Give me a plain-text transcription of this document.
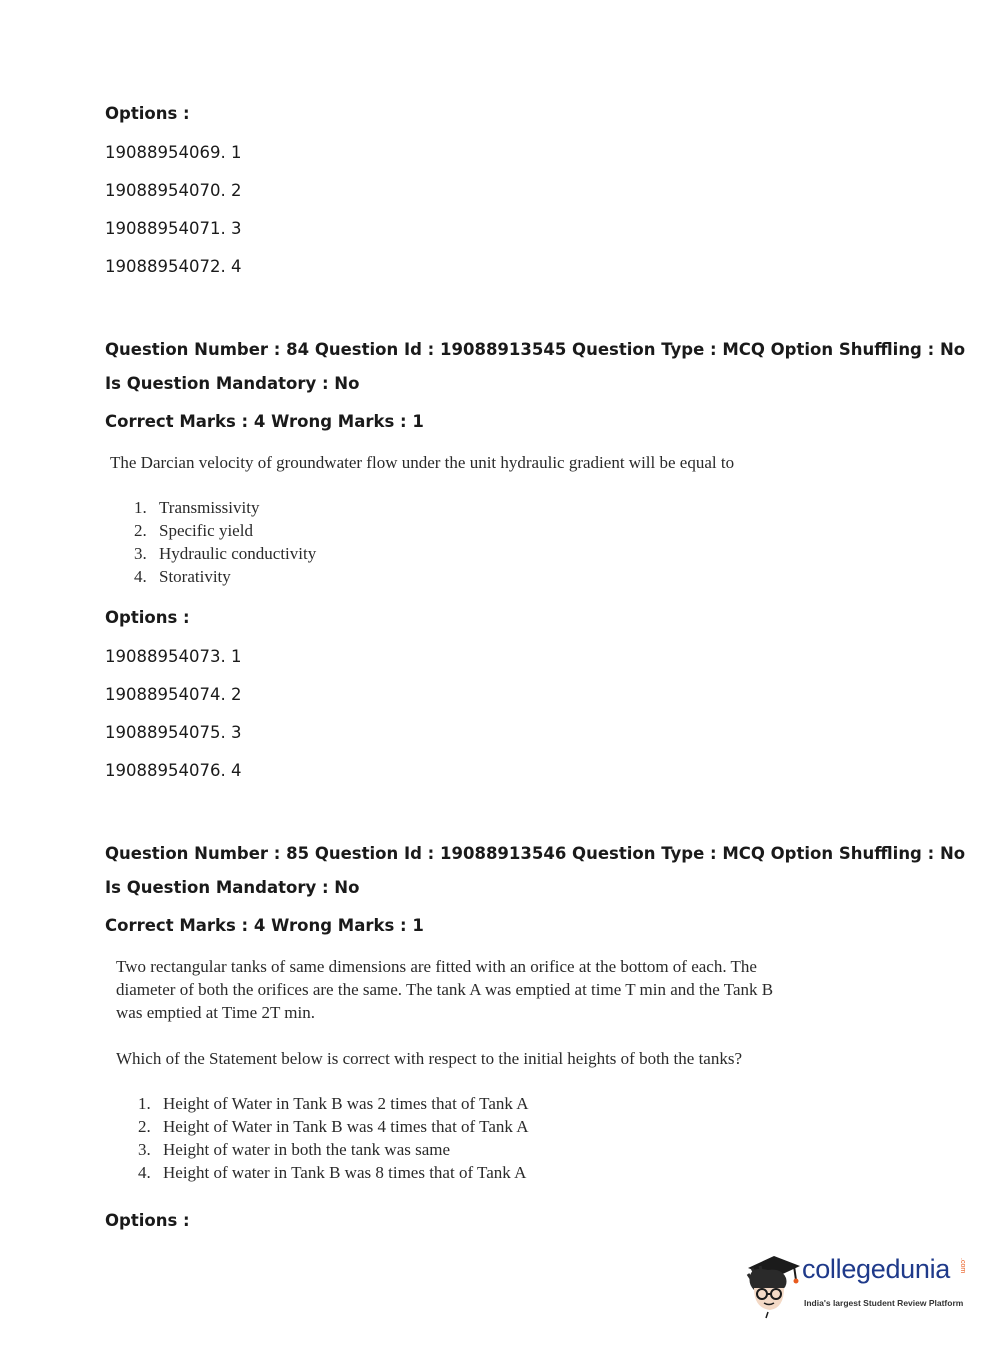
Options :
19088954069. 1
19088954070. 2
19088954071. 3
19088954072. 4
Question Number : 84 Question Id : 19088913545 Question Type : MCQ Option Shuffling : No
Is Question Mandatory : No
Correct Marks : 4 Wrong Marks : 1
The Darcian velocity of groundwater flow under the unit hydraulic gradient will be equal to
1. Transmissivity
2. Specific yield
3. Hydraulic conductivity
4. Storativity
Options :
19088954073. 1
19088954074. 2
19088954075. 3
19088954076. 4
Question Number : 85 Question Id : 19088913546 Question Type : MCQ Option Shuffling : No
Is Question Mandatory : No
Correct Marks : 4 Wrong Marks : 1
Two rectangular tanks of same dimensions are fitted with an orifice at the bottom of each. The
diameter of both the orifices are the same. The tank A was emptied at time T min and the Tank B
was emptied at Time 2T min.
Which of the Statement below is correct with respect to the initial heights of both the tanks?
1. Height of Water in Tank B was 2 times that of Tank A
2. Height of Water in Tank B was 4 times that of Tank A
3. Height of water in both the tank was same
4. Height of water in Tank B was 8 times that of Tank A
Options :
collegedunia .com
India's largest Student Review Platform
